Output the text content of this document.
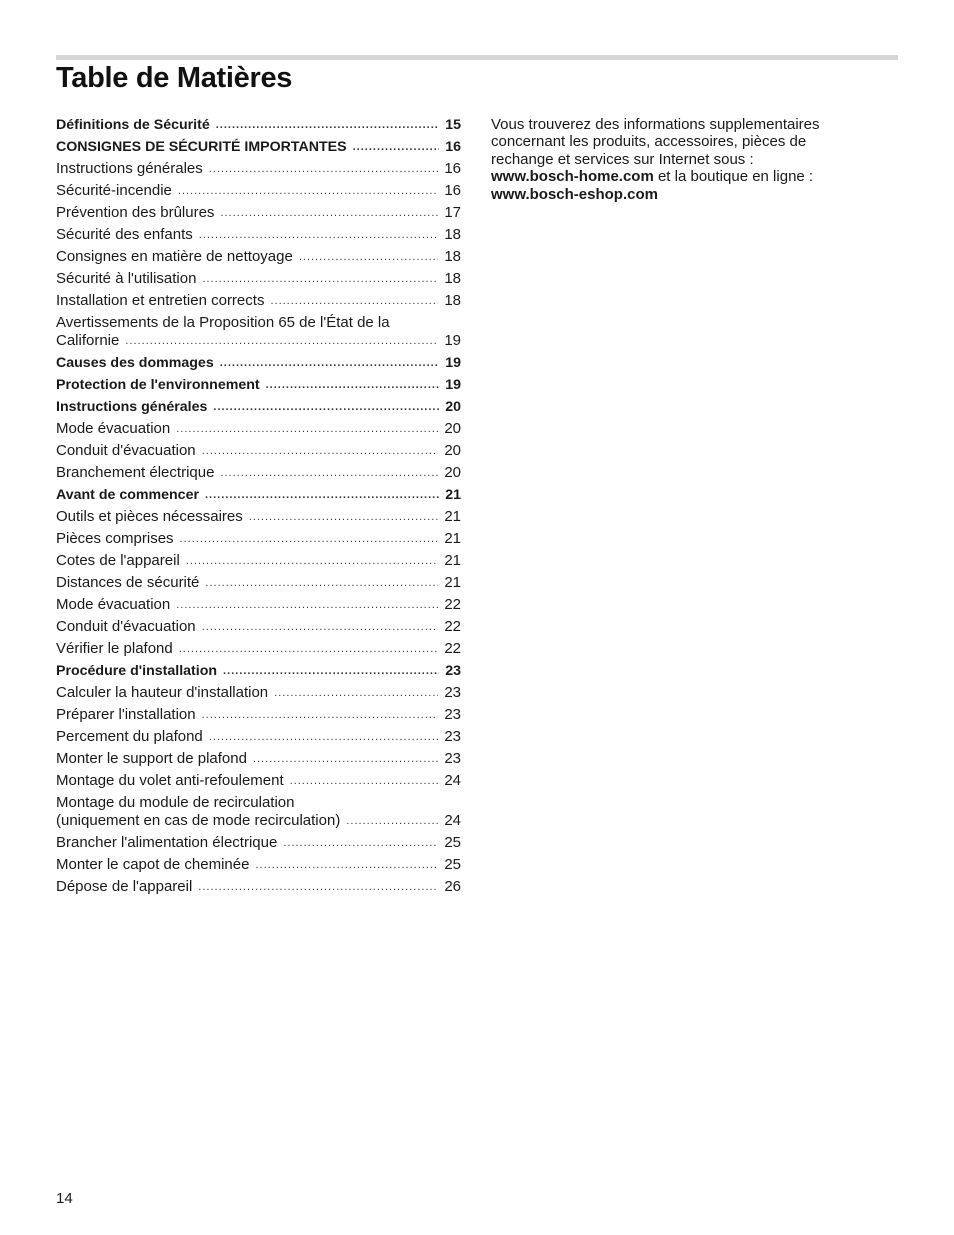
Table de Matières
Définitions de Sécurité .....	15
CONSIGNES DE SÉCURITÉ IMPORTANTES .....	16
Instructions générales .....	16
Sécurité-incendie .....	16
Prévention des brûlures .....	17
Sécurité des enfants .....	18
Consignes en matière de nettoyage .....	18
Sécurité à l'utilisation .....	18
Installation et entretien corrects .....	18
Avertissements de la Proposition 65 de l'État de la
Californie .....	19
Causes des dommages .....	19
Protection de l'environnement .....	19
Instructions générales .....	20
Mode évacuation .....	20
Conduit d'évacuation .....	20
Branchement électrique .....	20
Avant de commencer .....	21
Outils et pièces nécessaires .....	21
Pièces comprises .....	21
Cotes de l'appareil .....	21
Distances de sécurité .....	21
Mode évacuation .....	22
Conduit d'évacuation .....	22
Vérifier le plafond .....	22
Procédure d'installation .....	23
Calculer la hauteur d'installation .....	23
Préparer l'installation .....	23
Percement du plafond .....	23
Monter le support de plafond .....	23
Montage du volet anti-refoulement .....	24
Montage du module de recirculation
(uniquement en cas de mode recirculation) .....	24
Brancher l'alimentation électrique .....	25
Monter le capot de cheminée .....	25
Dépose de l'appareil .....	26

Vous trouverez des informations supplementaires

concernant les produits, accessoires, pièces de

rechange et services sur Internet sous :

www.bosch-home.com et la boutique en ligne :

www.bosch-eshop.com

14
